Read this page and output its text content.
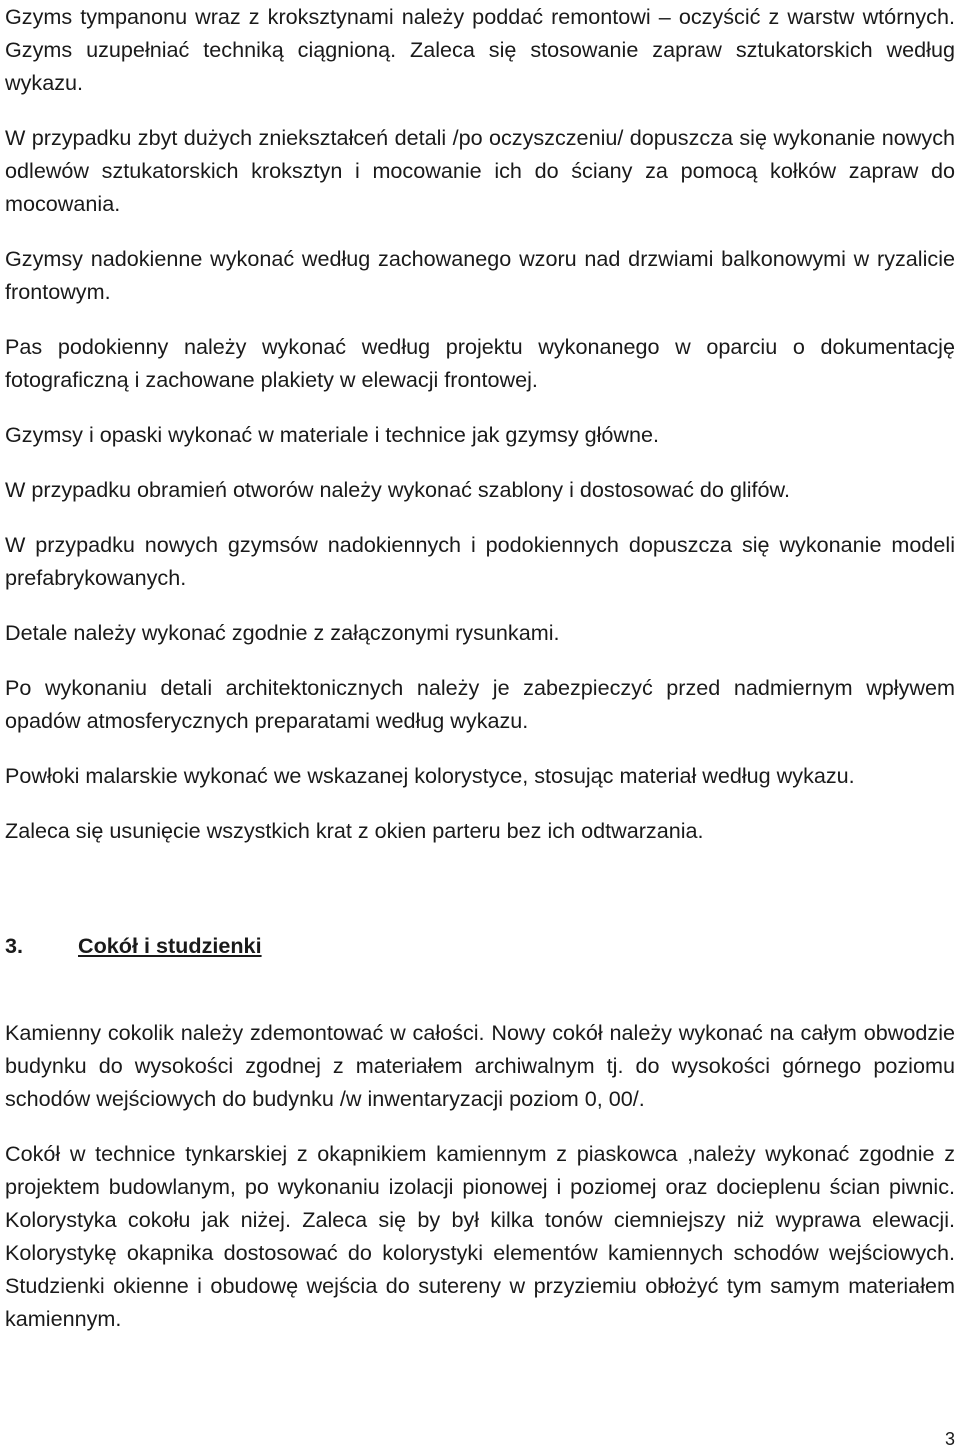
Gzyms tympanonu wraz z kroksztynami należy poddać remontowi – oczyścić z warstw wtórnych. Gzyms uzupełniać techniką ciągnioną. Zaleca się stosowanie zapraw sztukatorskich według wykazu.

W przypadku zbyt dużych zniekształceń detali /po oczyszczeniu/ dopuszcza się wykonanie nowych odlewów sztukatorskich kroksztyn i mocowanie ich do ściany za pomocą kołków zapraw do mocowania.

Gzymsy nadokienne wykonać według zachowanego wzoru nad drzwiami balkonowymi w ryzalicie frontowym.

Pas podokienny należy wykonać według projektu wykonanego w oparciu o dokumentację fotograficzną i zachowane plakiety w elewacji frontowej.

Gzymsy i opaski wykonać w materiale i technice jak gzymsy główne.

W przypadku obramień otworów należy wykonać szablony i dostosować do glifów.

W przypadku nowych gzymsów nadokiennych i podokiennych dopuszcza się wykonanie modeli prefabrykowanych.

Detale należy wykonać zgodnie z załączonymi rysunkami.

Po wykonaniu detali architektonicznych należy je zabezpieczyć przed nadmiernym wpływem opadów atmosferycznych preparatami według wykazu.

Powłoki malarskie wykonać we wskazanej kolorystyce, stosując materiał według wykazu.

Zaleca się usunięcie wszystkich krat z okien parteru bez ich odtwarzania.

3.	Cokół i studzienki

Kamienny cokolik należy zdemontować w całości. Nowy cokół należy wykonać na całym obwodzie budynku do wysokości zgodnej z materiałem archiwalnym tj. do wysokości górnego poziomu schodów wejściowych do budynku /w inwentaryzacji poziom 0, 00/.

Cokół w technice tynkarskiej z okapnikiem kamiennym z piaskowca ,należy wykonać zgodnie z projektem budowlanym, po wykonaniu izolacji pionowej i poziomej oraz docieplenu ścian piwnic. Kolorystyka cokołu jak niżej. Zaleca się by był kilka tonów ciemniejszy niż wyprawa elewacji. Kolorystykę okapnika dostosować do kolorystyki elementów kamiennych schodów wejściowych. Studzienki okienne i obudowę wejścia do sutereny w przyziemiu obłożyć tym samym materiałem kamiennym.

3
